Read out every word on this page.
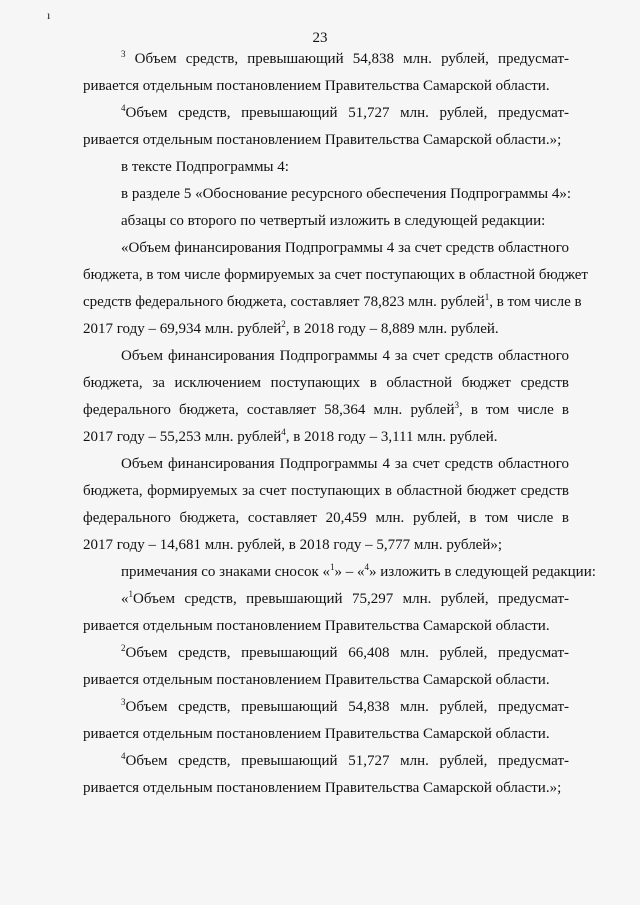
ı
23
$^3$ Объем средств, превышающий 54,838 млн. рублей, предусмат-
ривается отдельным постановлением Правительства Самарской области.
$^4$Объем средств, превышающий 51,727 млн. рублей, предусмат-
ривается отдельным постановлением Правительства Самарской области.»;
в тексте Подпрограммы 4:
в разделе 5 «Обоснование ресурсного обеспечения Подпрограммы 4»:
абзацы со второго по четвертый изложить в следующей редакции:
«Объем финансирования Подпрограммы 4 за счет средств областного
бюджета, в том числе формируемых за счет поступающих в областной бюджет
средств федерального бюджета, составляет 78,823 млн. рублей$^1$, в том числе в
2017 году – 69,934 млн. рублей$^2$, в 2018 году – 8,889 млн. рублей.
Объем финансирования Подпрограммы 4 за счет средств областного
бюджета, за исключением поступающих в областной бюджет средств
федерального бюджета, составляет 58,364 млн. рублей$^3$, в том числе в
2017 году – 55,253 млн. рублей$^4$, в 2018 году – 3,111 млн. рублей.
Объем финансирования Подпрограммы 4 за счет средств областного
бюджета, формируемых за счет поступающих в областной бюджет средств
федерального бюджета, составляет 20,459 млн. рублей, в том числе в
2017 году – 14,681 млн. рублей, в 2018 году – 5,777 млн. рублей»;
примечания со знаками сносок «$^1$» – «$^4$» изложить в следующей редакции:
«$^1$Объем средств, превышающий 75,297 млн. рублей, предусмат-
ривается отдельным постановлением Правительства Самарской области.
$^2$Объем средств, превышающий 66,408 млн. рублей, предусмат-
ривается отдельным постановлением Правительства Самарской области.
$^3$Объем средств, превышающий 54,838 млн. рублей, предусмат-
ривается отдельным постановлением Правительства Самарской области.
$^4$Объем средств, превышающий 51,727 млн. рублей, предусмат-
ривается отдельным постановлением Правительства Самарской области.»;
